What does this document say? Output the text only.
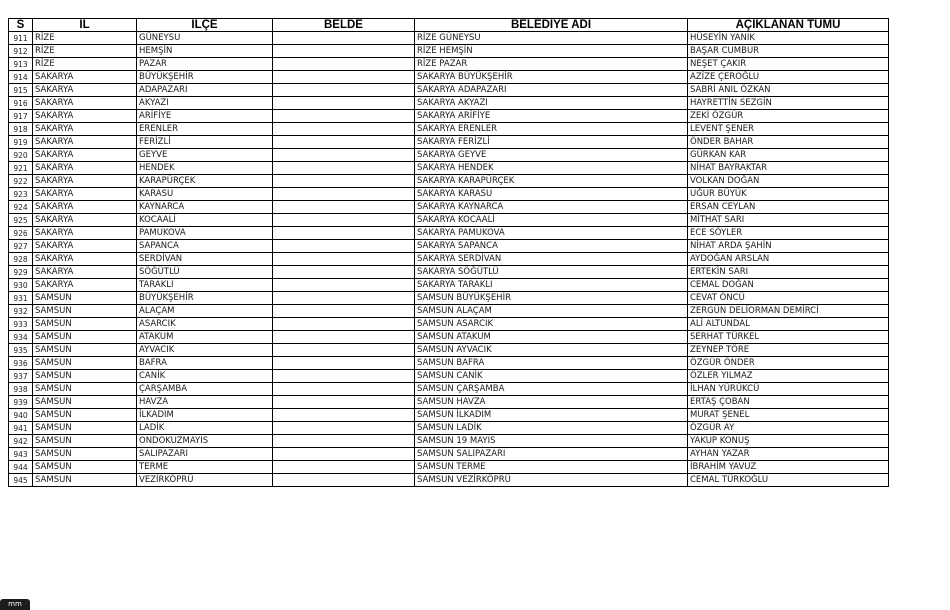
S	İL	İLÇE	BELDE	BELEDİYE ADI	AÇIKLANAN TÜMÜ
911	RİZE	GÜNEYSU		RİZE GÜNEYSU	HÜSEYİN YANIK
912	RİZE	HEMŞİN		RİZE HEMŞİN	BAŞAR CUMBUR
913	RİZE	PAZAR		RİZE PAZAR	NEŞET ÇAKIR
914	SAKARYA	BÜYÜKŞEHİR		SAKARYA BÜYÜKŞEHİR	AZİZE ÇEROĞLU
915	SAKARYA	ADAPAZARI		SAKARYA ADAPAZARI	SABRİ ANIL ÖZKAN
916	SAKARYA	AKYAZI		SAKARYA AKYAZI	HAYRETTİN SEZGİN
917	SAKARYA	ARİFİYE		SAKARYA ARİFİYE	ZEKİ ÖZGÜR
918	SAKARYA	ERENLER		SAKARYA ERENLER	LEVENT ŞENER
919	SAKARYA	FERİZLİ		SAKARYA FERİZLİ	ÖNDER BAHAR
920	SAKARYA	GEYVE		SAKARYA GEYVE	GÜRKAN KAR
921	SAKARYA	HENDEK		SAKARYA HENDEK	NİHAT BAYRAKTAR
922	SAKARYA	KARAPÜRÇEK		SAKARYA KARAPÜRÇEK	VOLKAN DOĞAN
923	SAKARYA	KARASU		SAKARYA KARASU	UĞUR BÜYÜK
924	SAKARYA	KAYNARCA		SAKARYA KAYNARCA	ERSAN CEYLAN
925	SAKARYA	KOCAALİ		SAKARYA KOCAALİ	MİTHAT SARI
926	SAKARYA	PAMUKOVA		SAKARYA PAMUKOVA	ECE SÖYLER
927	SAKARYA	SAPANCA		SAKARYA SAPANCA	NİHAT ARDA ŞAHİN
928	SAKARYA	SERDİVAN		SAKARYA SERDİVAN	AYDOĞAN ARSLAN
929	SAKARYA	SÖĞÜTLÜ		SAKARYA SÖĞÜTLÜ	ERTEKİN SARI
930	SAKARYA	TARAKLI		SAKARYA TARAKLI	CEMAL DOĞAN
931	SAMSUN	BÜYÜKŞEHİR		SAMSUN BÜYÜKŞEHİR	CEVAT ÖNCÜ
932	SAMSUN	ALAÇAM		SAMSUN ALAÇAM	ZERGÜN DELİORMAN DEMİRCİ
933	SAMSUN	ASARCIK		SAMSUN ASARCIK	ALİ ALTUNDAL
934	SAMSUN	ATAKUM		SAMSUN ATAKUM	SERHAT TÜRKEL
935	SAMSUN	AYVACIK		SAMSUN AYVACIK	ZEYNEP TÖRE
936	SAMSUN	BAFRA		SAMSUN BAFRA	ÖZGÜR ÖNDER
937	SAMSUN	CANİK		SAMSUN CANİK	ÖZLER YILMAZ
938	SAMSUN	ÇARŞAMBA		SAMSUN ÇARŞAMBA	İLHAN YÜRÜKCÜ
939	SAMSUN	HAVZA		SAMSUN HAVZA	ERTAŞ ÇOBAN
940	SAMSUN	İLKADIM		SAMSUN İLKADIM	MURAT ŞENEL
941	SAMSUN	LADİK		SAMSUN LADİK	ÖZGÜR AY
942	SAMSUN	ONDOKUZMAYIS		SAMSUN 19 MAYIS	YAKUP KONUŞ
943	SAMSUN	SALIPAZARI		SAMSUN SALIPAZARI	AYHAN YAZAR
944	SAMSUN	TERME		SAMSUN TERME	İBRAHİM YAVUZ
945	SAMSUN	VEZİRKÖPRÜ		SAMSUN VEZİRKÖPRÜ	CEMAL TÜRKOĞLU
mm
